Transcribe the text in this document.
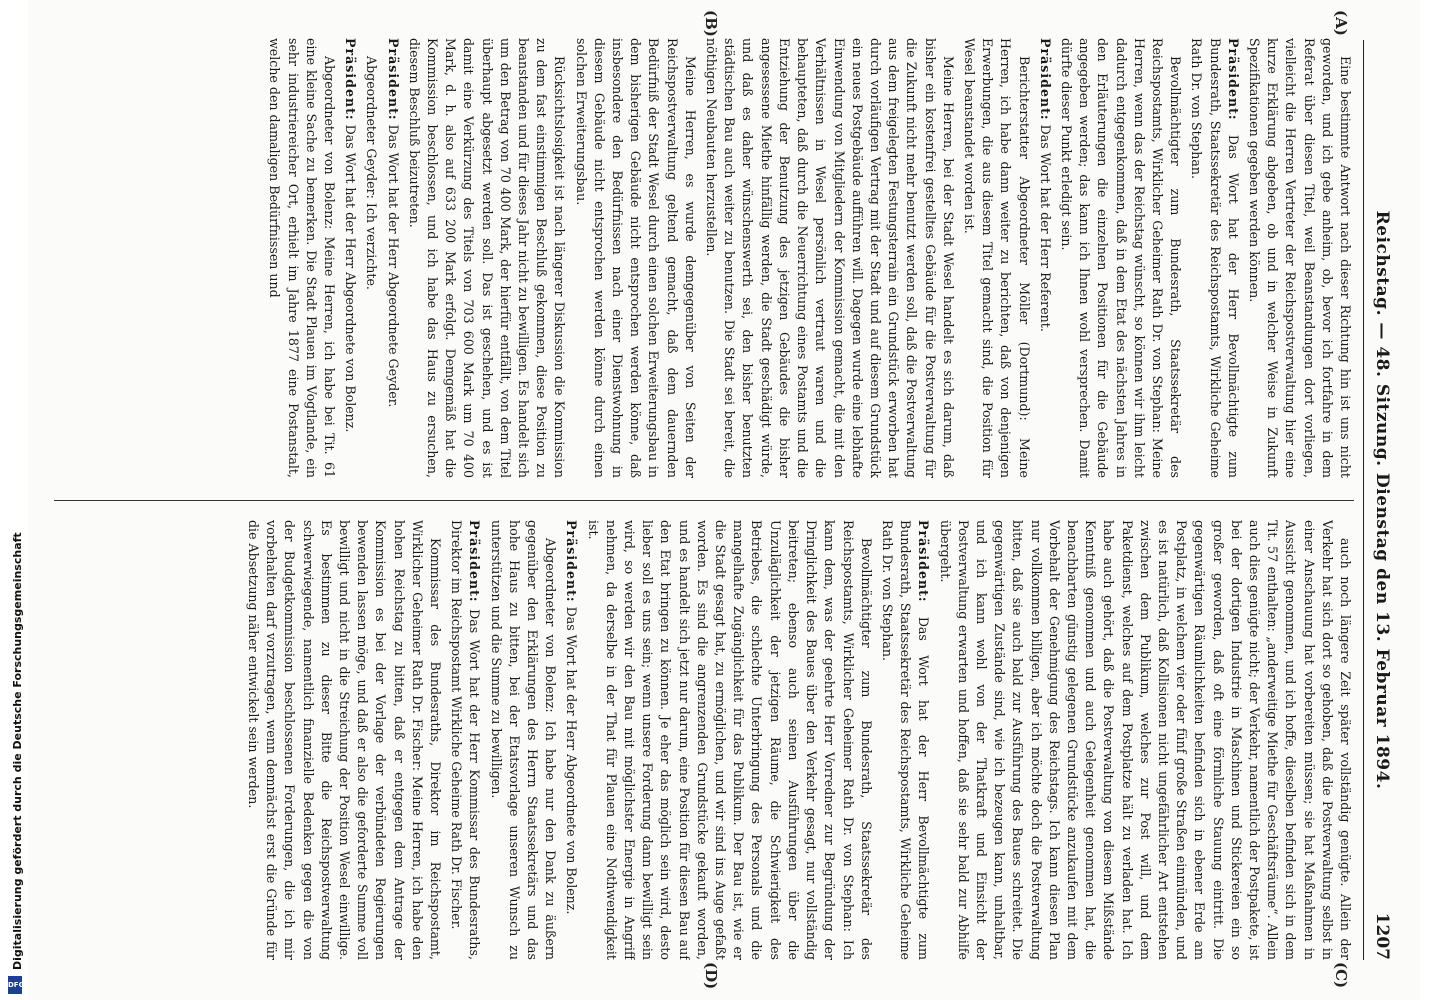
Reichstag. — 48. Sitzung. Dienstag den 13. Februar 1894.
1207
(A)
(B)
(C)
(D)

Eine bestimmte Antwort nach dieser Richtung hin ist uns nicht geworden, und ich gebe anheim, ob, bevor ich fortfahre in dem Referat über diesen Titel, weil Beanstandungen dort vorliegen, vielleicht die Herren Vertreter der Reichspostverwaltung hier eine kurze Erklärung abgeben, ob und in welcher Weise in Zukunft Spezifikationen gegeben werden können.

Präsident: Das Wort hat der Herr Bevollmächtigte zum Bundesrath, Staatssekretär des Reichspostamts, Wirkliche Geheime Rath Dr. von Stephan.

Bevollmächtigter zum Bundesrath, Staatssekretär des Reichspostamts, Wirklicher Geheimer Rath Dr. von Stephan: Meine Herren, wenn das der Reichstag wünscht, so können wir ihm leicht dadurch entgegenkommen, daß in dem Etat des nächsten Jahres in den Erläuterungen die einzelnen Positionen für die Gebäude angegeben werden; das kann ich Ihnen wohl versprechen. Damit dürfte dieser Punkt erledigt sein.

Präsident: Das Wort hat der Herr Referent.

Berichterstatter Abgeordneter Möller (Dortmund): Meine Herren, ich habe dann weiter zu berichten, daß von denjenigen Erwerbungen, die aus diesem Titel gemacht sind, die Position für Wesel beanstandet worden ist.

Meine Herren, bei der Stadt Wesel handelt es sich darum, daß bisher ein kostenfrei gestelltes Gebäude für die Postverwaltung für die Zukunft nicht mehr benutzt werden soll, daß die Postverwaltung aus dem freigelegten Festungsterrain ein Grundstück erworben hat durch vorläufigen Vertrag mit der Stadt und auf diesem Grundstück ein neues Postgebäude aufführen will. Dagegen wurde eine lebhafte Einwendung von Mitgliedern der Kommission gemacht, die mit den Verhältnissen in Wesel persönlich vertraut waren und die behaupteten, daß durch die Neuerrichtung eines Postamts und die Entziehung der Benutzung des jetzigen Gebäudes die bisher angesessene Miethe hinfällig werden, die Stadt geschädigt würde, und daß es daher wünschenswerth sei, den bisher benutzten städtischen Bau auch weiter zu benutzen. Die Stadt sei bereit, die nöthigen Neubauten herzustellen.

Meine Herren, es wurde demgegenüber von Seiten der Reichspostverwaltung geltend gemacht, daß dem dauernden Bedürfniß der Stadt Wesel durch einen solchen Erweiterungsbau in dem bisherigen Gebäude nicht entsprochen werden könne, daß insbesondere den Bedürfnissen nach einer Dienstwohnung in diesem Gebäude nicht entsprochen werden könne durch einen solchen Erweiterungsbau.

Rücksichtslosigkeit ist nach längerer Diskussion die Kommission zu dem fast einstimmigen Beschluß gekommen, diese Position zu beanstanden und für dieses Jahr nicht zu bewilligen. Es handelt sich um den Betrag von 70 400 Mark, der hierfür entfällt, von dem Titel überhaupt abgesetzt werden soll. Das ist geschehen, und es ist damit eine Verkürzung des Titels von 703 600 Mark um 70 400 Mark, d. h. also auf 633 200 Mark erfolgt. Demgemäß hat die Kommission beschlossen, und ich habe das Haus zu ersuchen, diesem Beschluß beizutreten.

Präsident: Das Wort hat der Herr Abgeordnete Geyder.

Abgeordneter Geyder: Ich verzichte.

Präsident: Das Wort hat der Herr Abgeordnete von Bolenz.

Abgeordneter von Bolenz: Meine Herren, ich habe bei Tit. 61 eine kleine Sache zu bemerken. Die Stadt Plauen im Vogtlande, ein sehr industriereicher Ort, erhielt im Jahre 1877 eine Postanstalt, welche den damaligen Bedürfnissen und

auch noch längere Zeit später vollständig genügte. Allein der Verkehr hat sich dort so gehoben, daß die Postverwaltung selbst in einer Anschauung hat vorbereiten müssen; sie hat Maßnahmen in Aussicht genommen, und ich hoffe, dieselben befinden sich in dem Tit. 57 enthalten: „anderweitige Miethe für Geschäftsräume“. Allein auch dies genügte nicht; der Verkehr, namentlich der Postpakete, ist bei der dortigen Industrie in Maschinen und Stickereien ein so großer geworden, daß oft eine förmliche Stauung eintritt. Die gegenwärtigen Räumlichkeiten befinden sich in ebener Erde am Postplatz, in welchem vier oder fünf große Straßen einmünden, und es ist natürlich, daß Kollisionen nicht ungefährlicher Art entstehen zwischen dem Publikum, welches zur Post will, und dem Paketdienst, welches auf dem Postplatze hält zu verladen hat. Ich habe auch gehört, daß die Postverwaltung von diesem Mißstände Kenntniß genommen und auch Gelegenheit genommen hat, die benachbarten günstig gelegenen Grundstücke anzukaufen mit dem Vorbehalt der Genehmigung des Reichstags. Ich kann diesen Plan nur vollkommen billigen, aber ich möchte doch die Postverwaltung bitten, daß sie auch bald zur Ausführung des Baues schreitet. Die gegenwärtigen Zustände sind, wie ich bezeugen kann, unhaltbar, und ich kann wohl von der Thatkraft und Einsicht der Postverwaltung erwarten und hoffen, daß sie sehr bald zur Abhilfe übergeht.

Präsident: Das Wort hat der Herr Bevollmächtigte zum Bundesrath, Staatssekretär des Reichspostamts, Wirkliche Geheime Rath Dr. von Stephan.

Bevollmächtigter zum Bundesrath, Staatssekretär des Reichspostamts, Wirklicher Geheimer Rath Dr. von Stephan: Ich kann dem, was der geehrte Herr Vorredner zur Begründung der Dringlichkeit des Baues über den Verkehr gesagt, nur vollständig beitreten; ebenso auch seinen Ausführungen über die Unzuläglichkeit der jetzigen Räume, die Schwierigkeit des Betriebes, die schlechte Unterbringung des Personals und die mangelhafte Zugänglichkeit für das Publikum. Der Bau ist, wie er die Stadt gesagt hat, zu ermöglichen, und wir sind ins Auge gefaßt worden. Es sind die angrenzenden Grundstücke gekauft worden, und es handelt sich jetzt nur darum, eine Position für diesen Bau auf den Etat bringen zu können. Je eher das möglich sein wird, desto lieber soll es uns sein; wenn unsere Forderung dann bewilligt sein wird, so werden wir den Bau mit möglichster Energie in Angriff nehmen, da derselbe in der That für Plauen eine Nothwendigkeit ist.

Präsident: Das Wort hat der Herr Abgeordnete von Bolenz.

Abgeordneter von Bolenz: Ich habe nur den Dank zu äußern gegenüber den Erklärungen des Herrn Staatssekretärs und das hohe Haus zu bitten, bei der Etatsvorlage unseren Wunsch zu unterstützen und die Summe zu bewilligen.

Präsident: Das Wort hat der Herr Kommissar des Bundesraths, Direktor im Reichspostamt Wirkliche Geheime Rath Dr. Fischer.

Kommissar des Bundesraths, Direktor im Reichspostamt, Wirklicher Geheimer Rath Dr. Fischer: Meine Herren, ich habe den hohen Reichstag zu bitten, daß er entgegen dem Antrage der Kommission es bei der Vorlage der verbündeten Regierungen bewenden lassen möge, und daß er also die geforderte Summe voll bewilligt und nicht in die Streichung der Position Wesel einwillige. Es bestimmen zu dieser Bitte die Reichspostverwaltung schwerwiegende, namentlich finanzielle Bedenken gegen die von der Budgetkommission beschlossenen Forderungen, die ich mir vorbehalten darf vorzutragen, wenn demnächst erst die Gründe für die Absetzung näher entwickelt sein werden.

Digitalisierung gefördert durch die Deutsche Forschungsgemeinschaft
DFG
